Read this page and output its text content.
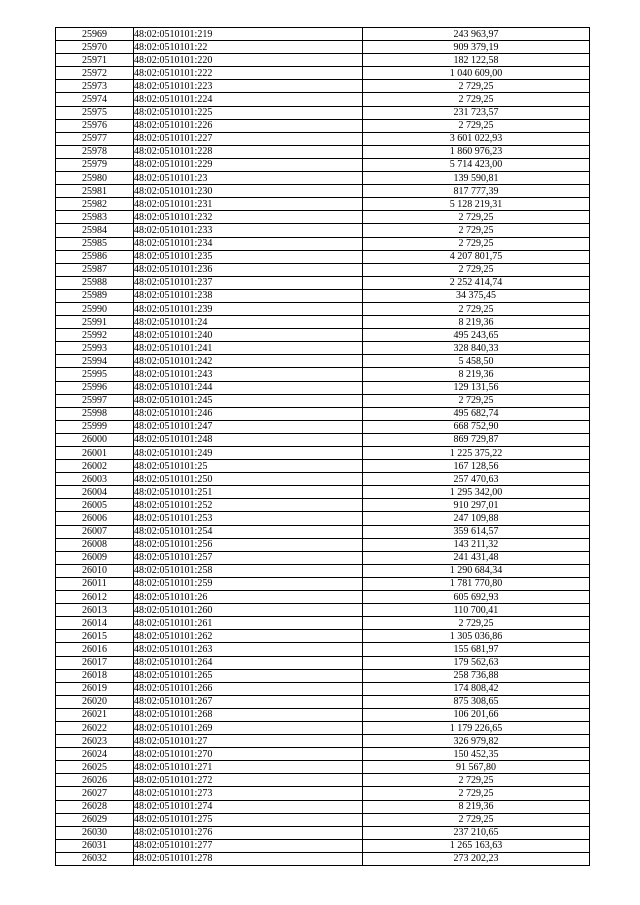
25969	48:02:0510101:219	243 963,97
25970	48:02:0510101:22	909 379,19
25971	48:02:0510101:220	182 122,58
25972	48:02:0510101:222	1 040 609,00
25973	48:02:0510101:223	2 729,25
25974	48:02:0510101:224	2 729,25
25975	48:02:0510101:225	231 723,57
25976	48:02:0510101:226	2 729,25
25977	48:02:0510101:227	3 601 022,93
25978	48:02:0510101:228	1 860 976,23
25979	48:02:0510101:229	5 714 423,00
25980	48:02:0510101:23	139 590,81
25981	48:02:0510101:230	817 777,39
25982	48:02:0510101:231	5 128 219,31
25983	48:02:0510101:232	2 729,25
25984	48:02:0510101:233	2 729,25
25985	48:02:0510101:234	2 729,25
25986	48:02:0510101:235	4 207 801,75
25987	48:02:0510101:236	2 729,25
25988	48:02:0510101:237	2 252 414,74
25989	48:02:0510101:238	34 375,45
25990	48:02:0510101:239	2 729,25
25991	48:02:0510101:24	8 219,36
25992	48:02:0510101:240	495 243,65
25993	48:02:0510101:241	328 840,33
25994	48:02:0510101:242	5 458,50
25995	48:02:0510101:243	8 219,36
25996	48:02:0510101:244	129 131,56
25997	48:02:0510101:245	2 729,25
25998	48:02:0510101:246	495 682,74
25999	48:02:0510101:247	668 752,90
26000	48:02:0510101:248	869 729,87
26001	48:02:0510101:249	1 225 375,22
26002	48:02:0510101:25	167 128,56
26003	48:02:0510101:250	257 470,63
26004	48:02:0510101:251	1 295 342,00
26005	48:02:0510101:252	910 297,01
26006	48:02:0510101:253	247 109,88
26007	48:02:0510101:254	359 614,57
26008	48:02:0510101:256	143 211,32
26009	48:02:0510101:257	241 431,48
26010	48:02:0510101:258	1 290 684,34
26011	48:02:0510101:259	1 781 770,80
26012	48:02:0510101:26	605 692,93
26013	48:02:0510101:260	110 700,41
26014	48:02:0510101:261	2 729,25
26015	48:02:0510101:262	1 305 036,86
26016	48:02:0510101:263	155 681,97
26017	48:02:0510101:264	179 562,63
26018	48:02:0510101:265	258 736,88
26019	48:02:0510101:266	174 808,42
26020	48:02:0510101:267	875 308,65
26021	48:02:0510101:268	106 201,66
26022	48:02:0510101:269	1 179 226,65
26023	48:02:0510101:27	326 979,82
26024	48:02:0510101:270	150 452,35
26025	48:02:0510101:271	91 567,80
26026	48:02:0510101:272	2 729,25
26027	48:02:0510101:273	2 729,25
26028	48:02:0510101:274	8 219,36
26029	48:02:0510101:275	2 729,25
26030	48:02:0510101:276	237 210,65
26031	48:02:0510101:277	1 265 163,63
26032	48:02:0510101:278	273 202,23
